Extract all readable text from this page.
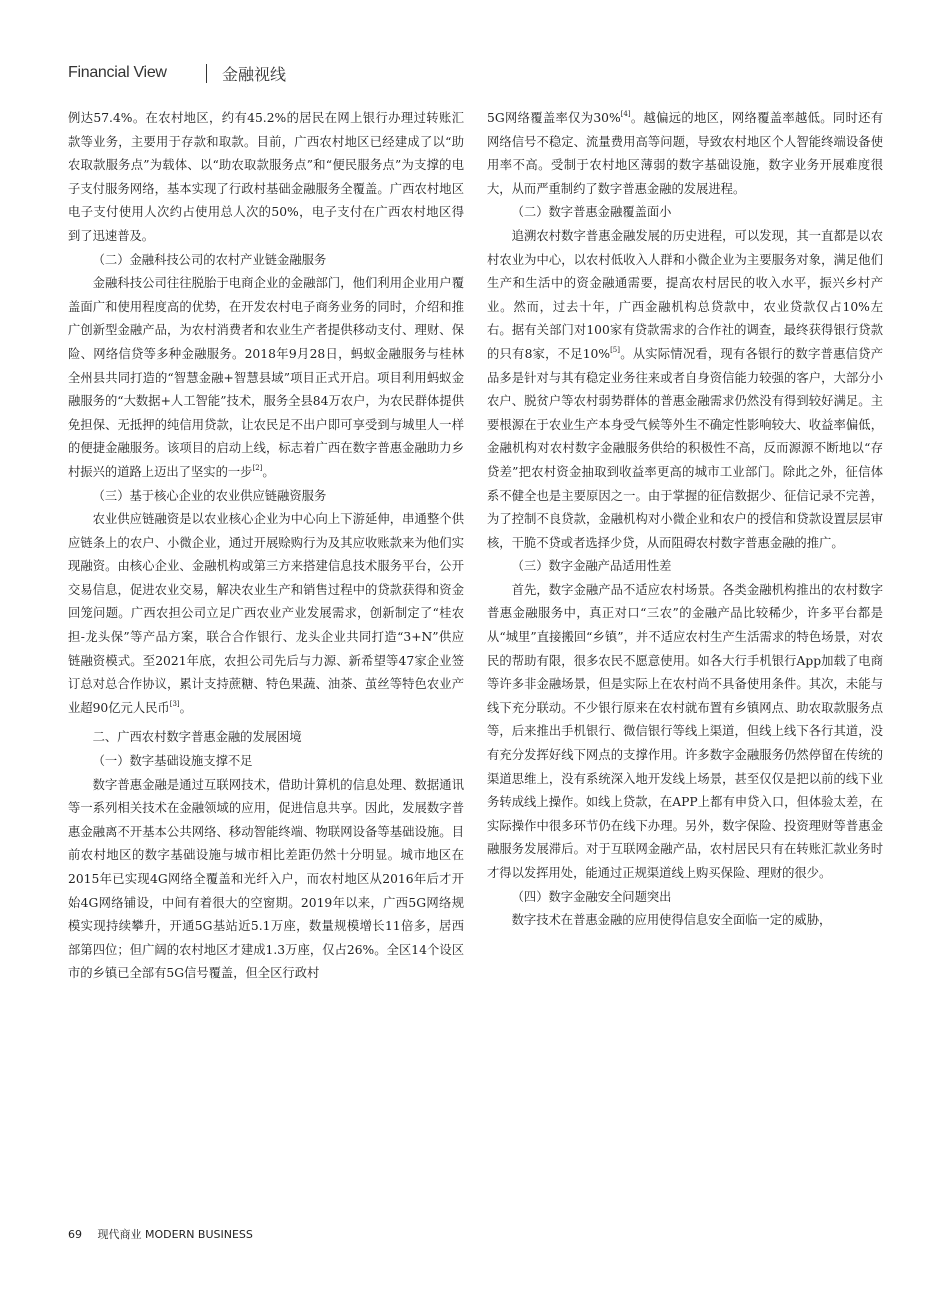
Financial View	金融视线

例达57.4%。在农村地区，约有45.2%的居民在网上银行办理过转账汇款等业务，主要用于存款和取款。目前，广西农村地区已经建成了以“助农取款服务点”为载体、以“助农取款服务点”和“便民服务点”为支撑的电子支付服务网络，基本实现了行政村基础金融服务全覆盖。广西农村地区电子支付使用人次约占使用总人次的50%，电子支付在广西农村地区得到了迅速普及。

（二）金融科技公司的农村产业链金融服务

金融科技公司往往脱胎于电商企业的金融部门，他们利用企业用户覆盖面广和使用程度高的优势，在开发农村电子商务业务的同时，介绍和推广创新型金融产品，为农村消费者和农业生产者提供移动支付、理财、保险、网络信贷等多种金融服务。2018年9月28日，蚂蚁金融服务与桂林全州县共同打造的“智慧金融+智慧县域”项目正式开启。项目利用蚂蚁金融服务的“大数据+人工智能”技术，服务全县84万农户，为农民群体提供免担保、无抵押的纯信用贷款，让农民足不出户即可享受到与城里人一样的便捷金融服务。该项目的启动上线，标志着广西在数字普惠金融助力乡村振兴的道路上迈出了坚实的一步[2]。

（三）基于核心企业的农业供应链融资服务

农业供应链融资是以农业核心企业为中心向上下游延伸，串通整个供应链条上的农户、小微企业，通过开展赊购行为及其应收账款来为他们实现融资。由核心企业、金融机构或第三方来搭建信息技术服务平台，公开交易信息，促进农业交易，解决农业生产和销售过程中的贷款获得和资金回笼问题。广西农担公司立足广西农业产业发展需求，创新制定了“桂农担-龙头保”等产品方案，联合合作银行、龙头企业共同打造“3+N”供应链融资模式。至2021年底，农担公司先后与力源、新希望等47家企业签订总对总合作协议，累计支持蔗糖、特色果蔬、油茶、茧丝等特色农业产业超90亿元人民币[3]。

二、广西农村数字普惠金融的发展困境
（一）数字基础设施支撑不足

数字普惠金融是通过互联网技术，借助计算机的信息处理、数据通讯等一系列相关技术在金融领域的应用，促进信息共享。因此，发展数字普惠金融离不开基本公共网络、移动智能终端、物联网设备等基础设施。目前农村地区的数字基础设施与城市相比差距仍然十分明显。城市地区在2015年已实现4G网络全覆盖和光纤入户，而农村地区从2016年后才开始4G网络铺设，中间有着很大的空窗期。2019年以来，广西5G网络规模实现持续攀升，开通5G基站近5.1万座，数量规模增长11倍多，居西部第四位；但广阔的农村地区才建成1.3万座，仅占26%。全区14个设区市的乡镇已全部有5G信号覆盖，但全区行政村

5G网络覆盖率仅为30%[4]。越偏远的地区，网络覆盖率越低。同时还有网络信号不稳定、流量费用高等问题，导致农村地区个人智能终端设备使用率不高。受制于农村地区薄弱的数字基础设施，数字业务开展难度很大，从而严重制约了数字普惠金融的发展进程。

（二）数字普惠金融覆盖面小

追溯农村数字普惠金融发展的历史进程，可以发现，其一直都是以农村农业为中心，以农村低收入人群和小微企业为主要服务对象，满足他们生产和生活中的资金融通需要，提高农村居民的收入水平，振兴乡村产业。然而，过去十年，广西金融机构总贷款中，农业贷款仅占10%左右。据有关部门对100家有贷款需求的合作社的调查，最终获得银行贷款的只有8家，不足10%[5]。从实际情况看，现有各银行的数字普惠信贷产品多是针对与其有稳定业务往来或者自身资信能力较强的客户，大部分小农户、脱贫户等农村弱势群体的普惠金融需求仍然没有得到较好满足。主要根源在于农业生产本身受气候等外生不确定性影响较大、收益率偏低，金融机构对农村数字金融服务供给的积极性不高，反而源源不断地以“存贷差”把农村资金抽取到收益率更高的城市工业部门。除此之外，征信体系不健全也是主要原因之一。由于掌握的征信数据少、征信记录不完善，为了控制不良贷款，金融机构对小微企业和农户的授信和贷款设置层层审核，干脆不贷或者选择少贷，从而阻碍农村数字普惠金融的推广。

（三）数字金融产品适用性差

首先，数字金融产品不适应农村场景。各类金融机构推出的农村数字普惠金融服务中，真正对口“三农”的金融产品比较稀少，许多平台都是从“城里”直接搬回“乡镇”，并不适应农村生产生活需求的特色场景，对农民的帮助有限，很多农民不愿意使用。如各大行手机银行App加载了电商等许多非金融场景，但是实际上在农村尚不具备使用条件。其次，未能与线下充分联动。不少银行原来在农村就布置有乡镇网点、助农取款服务点等，后来推出手机银行、微信银行等线上渠道，但线上线下各行其道，没有充分发挥好线下网点的支撑作用。许多数字金融服务仍然停留在传统的渠道思维上，没有系统深入地开发线上场景，甚至仅仅是把以前的线下业务转成线上操作。如线上贷款，在APP上都有申贷入口，但体验太差，在实际操作中很多环节仍在线下办理。另外，数字保险、投资理财等普惠金融服务发展滞后。对于互联网金融产品，农村居民只有在转账汇款业务时才得以发挥用处，能通过正规渠道线上购买保险、理财的很少。

（四）数字金融安全问题突出

数字技术在普惠金融的应用使得信息安全面临一定的威胁，

69 现代商业 MODERN BUSINESS
